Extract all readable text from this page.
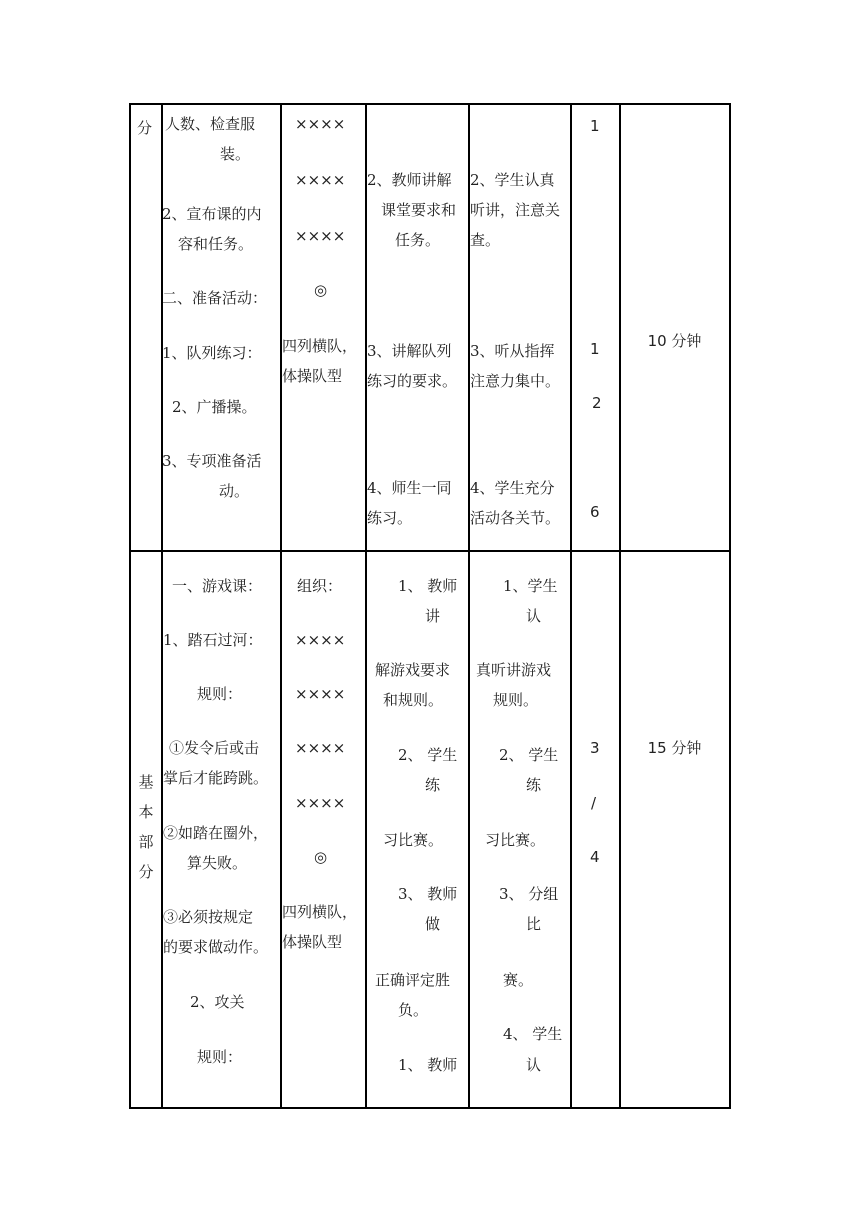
分 人数、检查服

装。

2、宣布课的内

容和任务。

二、准备活动：

1、队列练习：

2、广播操。

3、专项准备活

动。

××××

××××

××××

◎

四列横队，

体操队型

2、教师讲解

课堂要求和

任务。

3、讲解队列

练习的要求。

4、师生一同

练习。

2、学生认真

听讲，注意关

查。

3、听从指挥

注意力集中。

4、学生充分

活动各关节。

1

1

2

6

10 分钟
基
本
部
分

一、游戏课：

1、踏石过河：

规则：

①发令后或击

掌后才能跨跳。

②如踏在圈外，

算失败。

③必须按规定

的要求做动作。

2、攻关

规则：

组织：

××××

××××

××××

××××

◎

四列横队，

体操队型

1、 教师

讲

解游戏要求

和规则。

2、 学生

练

习比赛。

3、 教师

做

正确评定胜

负。

1、 教师

1、学生

认

真听讲游戏

规则。

2、 学生

练

习比赛。

3、 分组

比

赛。

4、 学生

认

3

/

4

15 分钟
